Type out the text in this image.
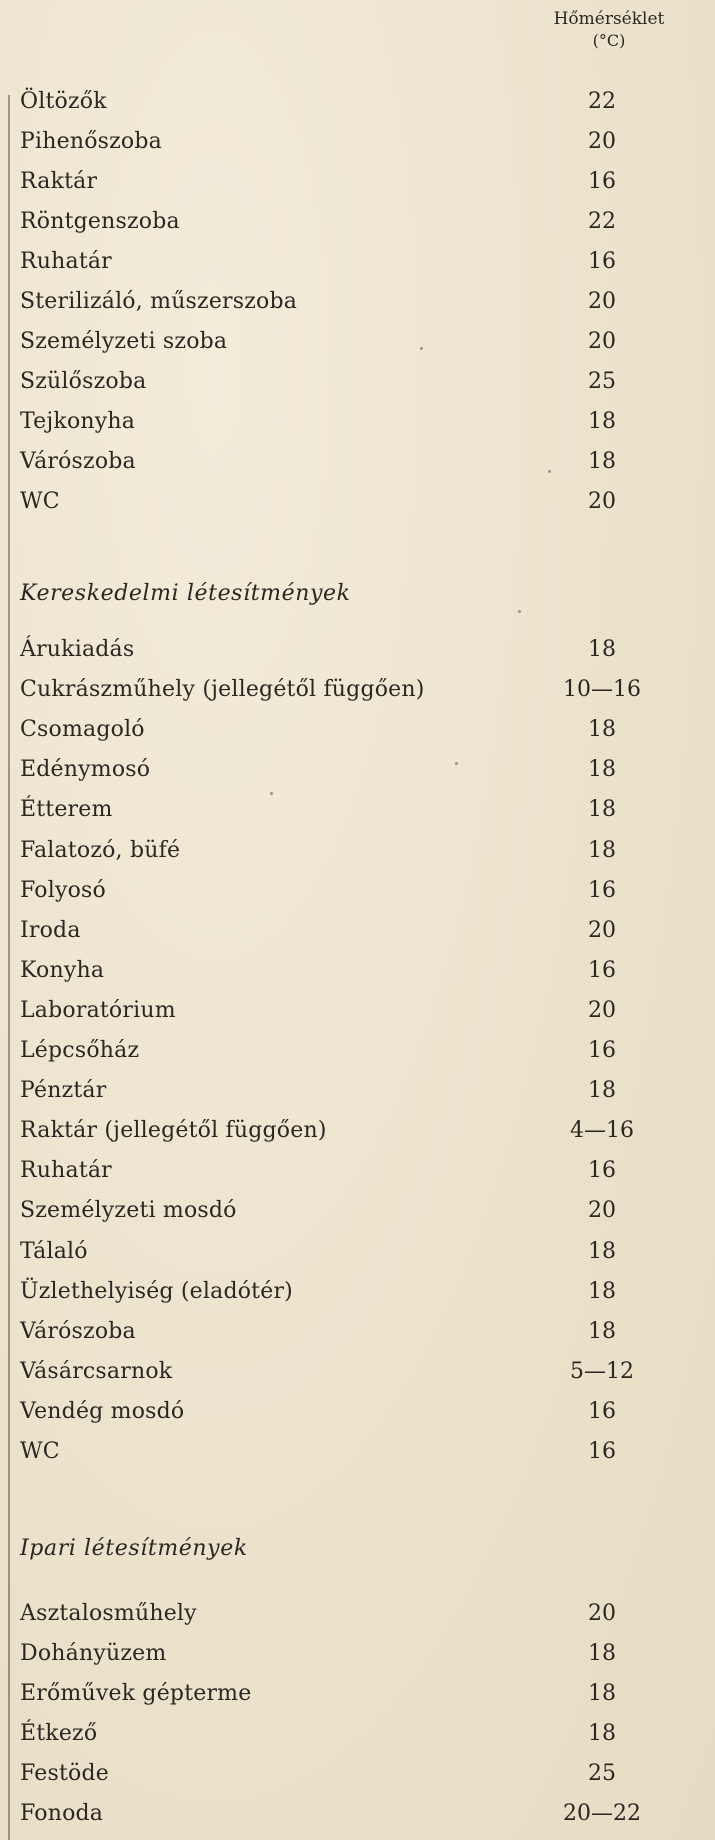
Hőmérséklet
(°C)
Öltözők	22
Pihenőszoba	20
Raktár	16
Röntgenszoba	22
Ruhatár	16
Sterilizáló, műszerszoba	20
Személyzeti szoba	20
Szülőszoba	25
Tejkonyha	18
Várószoba	18
WC	20
Kereskedelmi létesítmények
Árukiadás	18
Cukrászműhely (jellegétől függően)	10—16
Csomagoló	18
Edénymosó	18
Étterem	18
Falatozó, büfé	18
Folyosó	16
Iroda	20
Konyha	16
Laboratórium	20
Lépcsőház	16
Pénztár	18
Raktár (jellegétől függően)	4—16
Ruhatár	16
Személyzeti mosdó	20
Tálaló	18
Üzlethelyiség (eladótér)	18
Várószoba	18
Vásárcsarnok	5—12
Vendég mosdó	16
WC	16
Ipari létesítmények
Asztalosműhely	20
Dohányüzem	18
Erőművek gépterme	18
Étkező	18
Festöde	25
Fonoda	20—22
